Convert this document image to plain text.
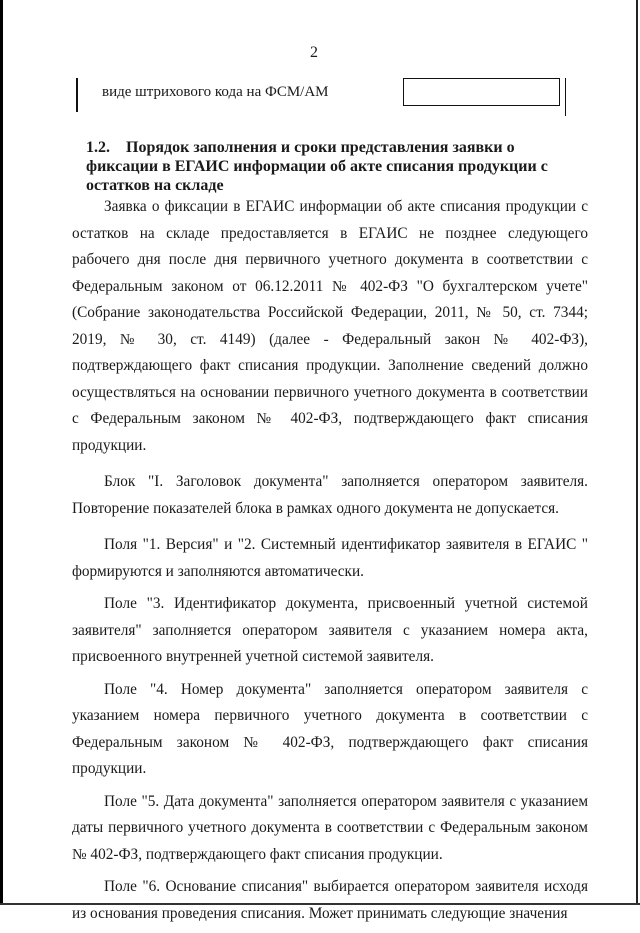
2
виде штрихового кода на ФСМ/АМ
1.2. Порядок заполнения и сроки представления заявки о фиксации в ЕГАИС информации об акте списания продукции с остатков на складе

Заявка о фиксации в ЕГАИС информации об акте списания продукции с остатков на складе предоставляется в ЕГАИС не позднее следующего рабочего дня после дня первичного учетного документа в соответствии с Федеральным законом от 06.12.2011 № 402-ФЗ "О бухгалтерском учете" (Собрание законодательства Российской Федерации, 2011, № 50, ст. 7344; 2019, № 30, ст. 4149) (далее - Федеральный закон № 402-ФЗ), подтверждающего факт списания продукции. Заполнение сведений должно осуществляться на основании первичного учетного документа в соответствии с Федеральным законом № 402-ФЗ, подтверждающего факт списания продукции.

Блок "I. Заголовок документа" заполняется оператором заявителя. Повторение показателей блока в рамках одного документа не допускается.

Поля "1. Версия" и "2. Системный идентификатор заявителя в ЕГАИС " формируются и заполняются автоматически.

Поле "3. Идентификатор документа, присвоенный учетной системой заявителя" заполняется оператором заявителя с указанием номера акта, присвоенного внутренней учетной системой заявителя.

Поле "4. Номер документа" заполняется оператором заявителя с указанием номера первичного учетного документа в соответствии с Федеральным законом № 402-ФЗ, подтверждающего факт списания продукции.

Поле "5. Дата документа" заполняется оператором заявителя с указанием даты первичного учетного документа в соответствии с Федеральным законом № 402-ФЗ, подтверждающего факт списания продукции.

Поле "6. Основание списания" выбирается оператором заявителя исходя из основания проведения списания. Может принимать следующие значения
